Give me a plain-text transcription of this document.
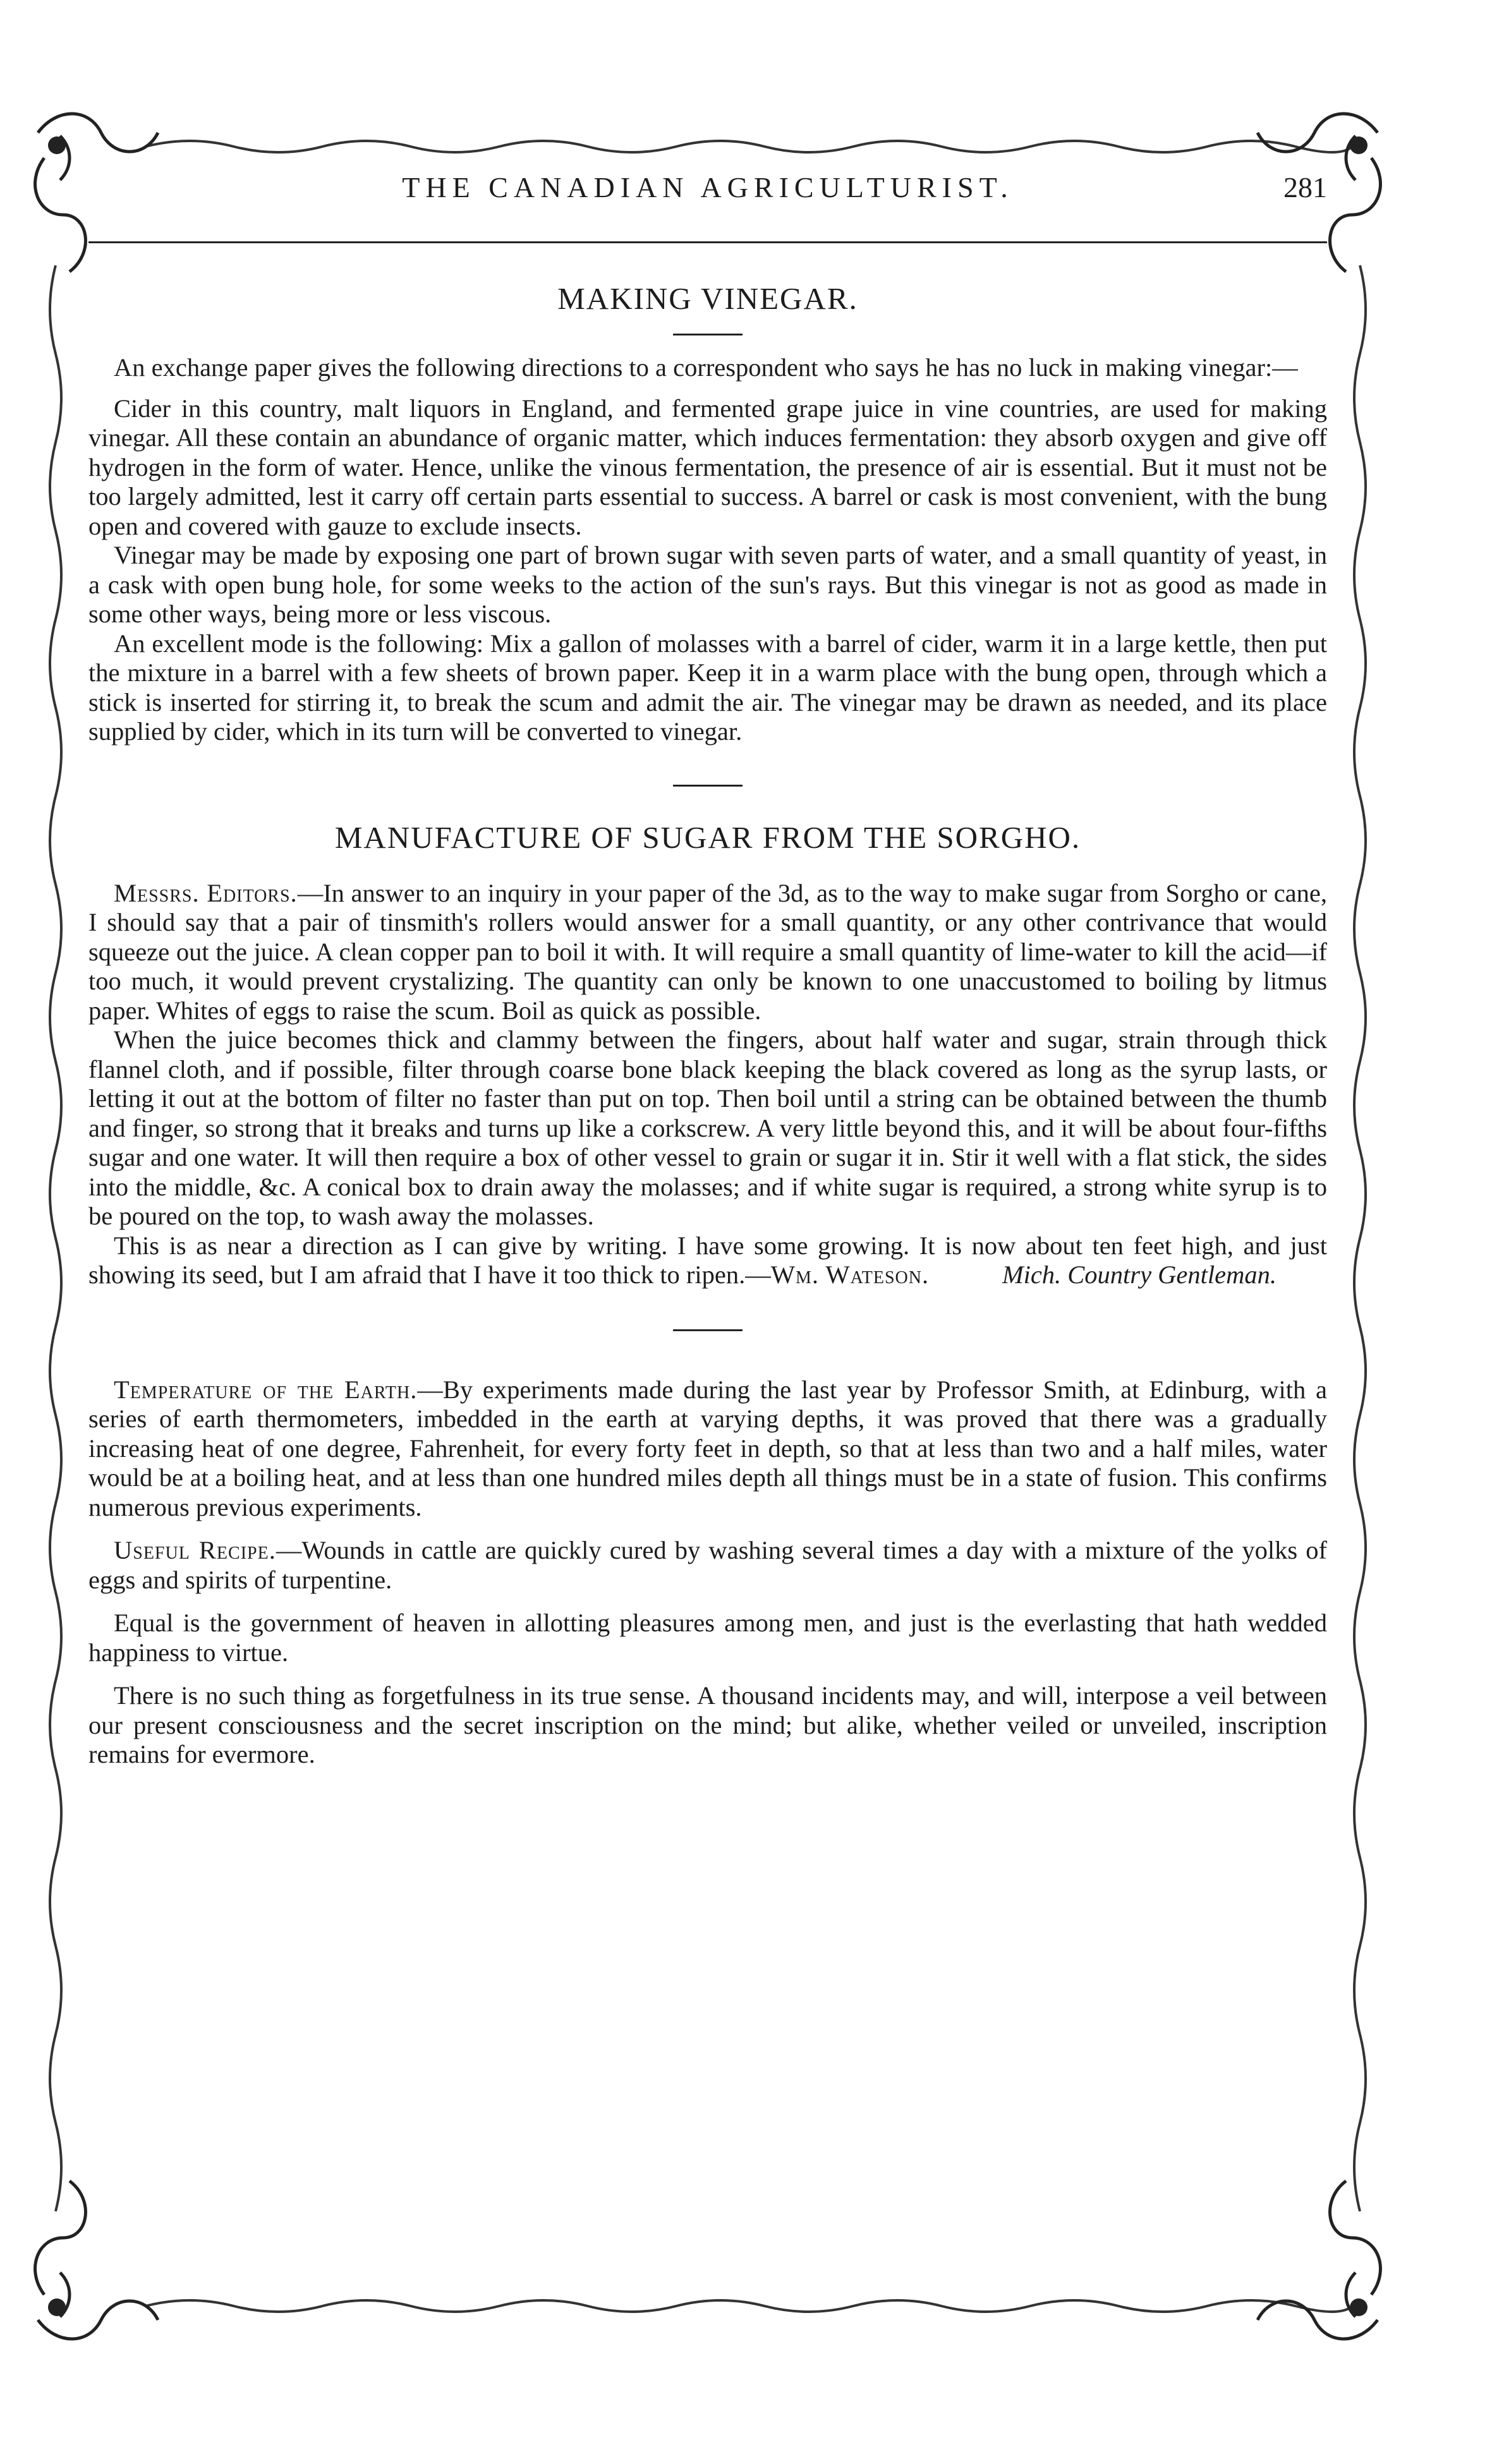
THE CANADIAN AGRICULTURIST.	281
MAKING VINEGAR.

An exchange paper gives the following directions to a correspondent who says he has no luck in making vinegar:—

Cider in this country, malt liquors in England, and fermented grape juice in vine countries, are used for making vinegar. All these contain an abundance of organic matter, which induces fermentation: they absorb oxygen and give off hydrogen in the form of water. Hence, unlike the vinous fermentation, the presence of air is essential. But it must not be too largely admitted, lest it carry off certain parts essential to success. A barrel or cask is most convenient, with the bung open and covered with gauze to exclude insects.

Vinegar may be made by exposing one part of brown sugar with seven parts of water, and a small quantity of yeast, in a cask with open bung hole, for some weeks to the action of the sun's rays. But this vinegar is not as good as made in some other ways, being more or less viscous.

An excellent mode is the following: Mix a gallon of molasses with a barrel of cider, warm it in a large kettle, then put the mixture in a barrel with a few sheets of brown paper. Keep it in a warm place with the bung open, through which a stick is inserted for stirring it, to break the scum and admit the air. The vinegar may be drawn as needed, and its place supplied by cider, which in its turn will be converted to vinegar.

MANUFACTURE OF SUGAR FROM THE SORGHO.

Messrs. Editors.—In answer to an inquiry in your paper of the 3d, as to the way to make sugar from Sorgho or cane, I should say that a pair of tinsmith's rollers would answer for a small quantity, or any other contrivance that would squeeze out the juice. A clean copper pan to boil it with. It will require a small quantity of lime-water to kill the acid—if too much, it would prevent crystalizing. The quantity can only be known to one unaccustomed to boiling by litmus paper. Whites of eggs to raise the scum. Boil as quick as possible.

When the juice becomes thick and clammy between the fingers, about half water and sugar, strain through thick flannel cloth, and if possible, filter through coarse bone black keeping the black covered as long as the syrup lasts, or letting it out at the bottom of filter no faster than put on top. Then boil until a string can be obtained between the thumb and finger, so strong that it breaks and turns up like a corkscrew. A very little beyond this, and it will be about four-fifths sugar and one water. It will then require a box of other vessel to grain or sugar it in. Stir it well with a flat stick, the sides into the middle, &c. A conical box to drain away the molasses; and if white sugar is required, a strong white syrup is to be poured on the top, to wash away the molasses.

This is as near a direction as I can give by writing. I have some growing. It is now about ten feet high, and just showing its seed, but I am afraid that I have it too thick to ripen.—Wm. Wateson.	Mich. Country Gentleman.

Temperature of the Earth.—By experiments made during the last year by Professor Smith, at Edinburg, with a series of earth thermometers, imbedded in the earth at varying depths, it was proved that there was a gradually increasing heat of one degree, Fahrenheit, for every forty feet in depth, so that at less than two and a half miles, water would be at a boiling heat, and at less than one hundred miles depth all things must be in a state of fusion. This confirms numerous previous experiments.

Useful Recipe.—Wounds in cattle are quickly cured by washing several times a day with a mixture of the yolks of eggs and spirits of turpentine.

Equal is the government of heaven in allotting pleasures among men, and just is the everlasting that hath wedded happiness to virtue.

There is no such thing as forgetfulness in its true sense. A thousand incidents may, and will, interpose a veil between our present consciousness and the secret inscription on the mind; but alike, whether veiled or unveiled, inscription remains for evermore.
